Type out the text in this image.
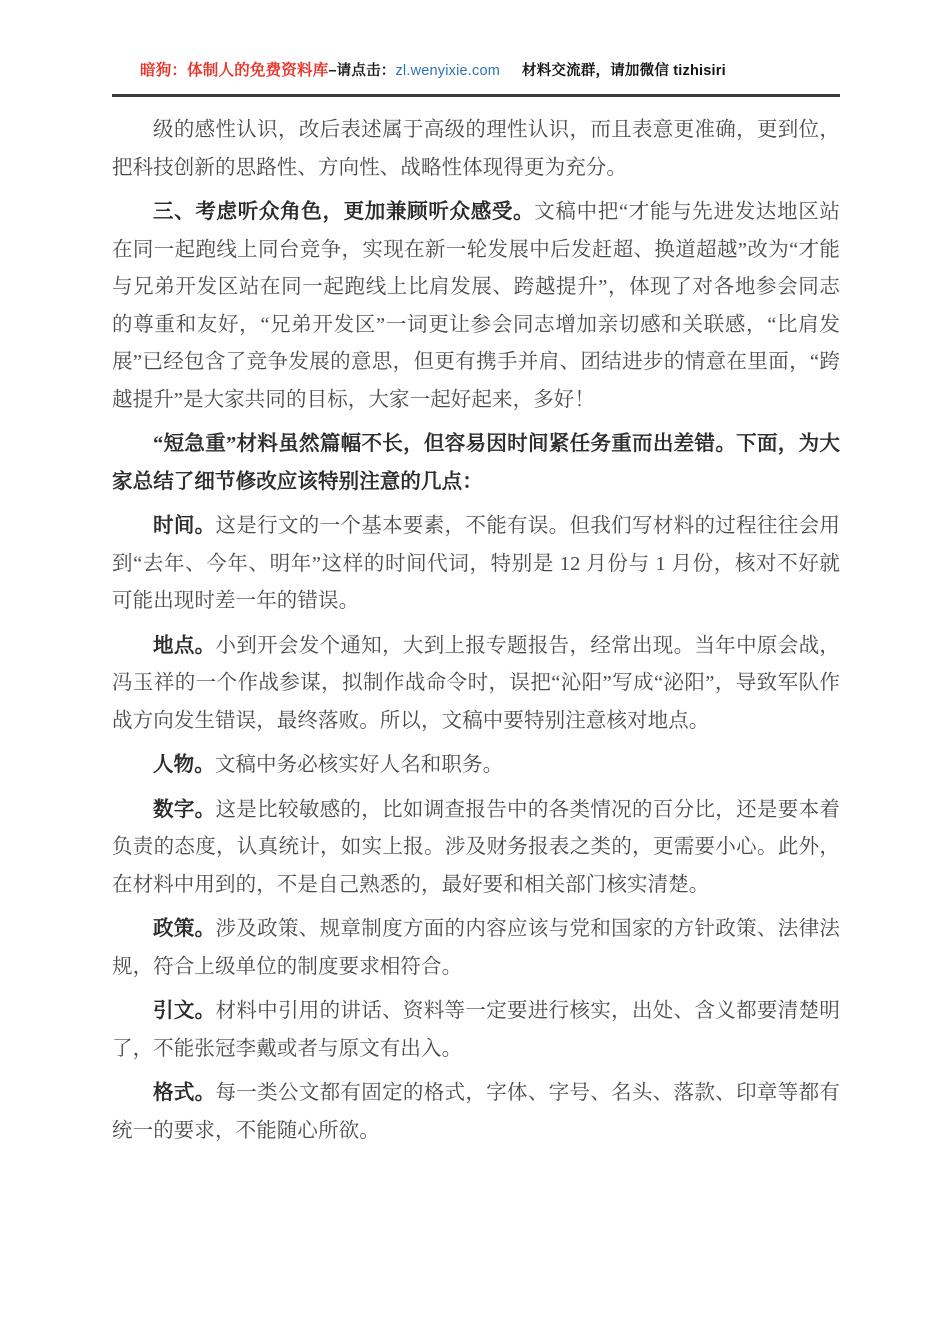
暗狗：体制人的免费资料库–请点击：zl.wenyixie.com 材料交流群，请加微信 tizhisiri

级的感性认识，改后表述属于高级的理性认识，而且表意更准确，更到位，把科技创新的思路性、方向性、战略性体现得更为充分。

三、考虑听众角色，更加兼顾听众感受。文稿中把“才能与先进发达地区站在同一起跑线上同台竞争，实现在新一轮发展中后发赶超、换道超越”改为“才能与兄弟开发区站在同一起跑线上比肩发展、跨越提升”，体现了对各地参会同志的尊重和友好，“兄弟开发区”一词更让参会同志增加亲切感和关联感，“比肩发展”已经包含了竞争发展的意思，但更有携手并肩、团结进步的情意在里面，“跨越提升”是大家共同的目标，大家一起好起来，多好！

“短急重”材料虽然篇幅不长，但容易因时间紧任务重而出差错。下面，为大家总结了细节修改应该特别注意的几点：

时间。这是行文的一个基本要素，不能有误。但我们写材料的过程往往会用到“去年、今年、明年”这样的时间代词，特别是 12 月份与 1 月份，核对不好就可能出现时差一年的错误。

地点。小到开会发个通知，大到上报专题报告，经常出现。当年中原会战，冯玉祥的一个作战参谋，拟制作战命令时，误把“沁阳”写成“泌阳”，导致军队作战方向发生错误，最终落败。所以，文稿中要特别注意核对地点。

人物。文稿中务必核实好人名和职务。

数字。这是比较敏感的，比如调查报告中的各类情况的百分比，还是要本着负责的态度，认真统计，如实上报。涉及财务报表之类的，更需要小心。此外，在材料中用到的，不是自己熟悉的，最好要和相关部门核实清楚。

政策。涉及政策、规章制度方面的内容应该与党和国家的方针政策、法律法规，符合上级单位的制度要求相符合。

引文。材料中引用的讲话、资料等一定要进行核实，出处、含义都要清楚明了，不能张冠李戴或者与原文有出入。

格式。每一类公文都有固定的格式，字体、字号、名头、落款、印章等都有统一的要求，不能随心所欲。
